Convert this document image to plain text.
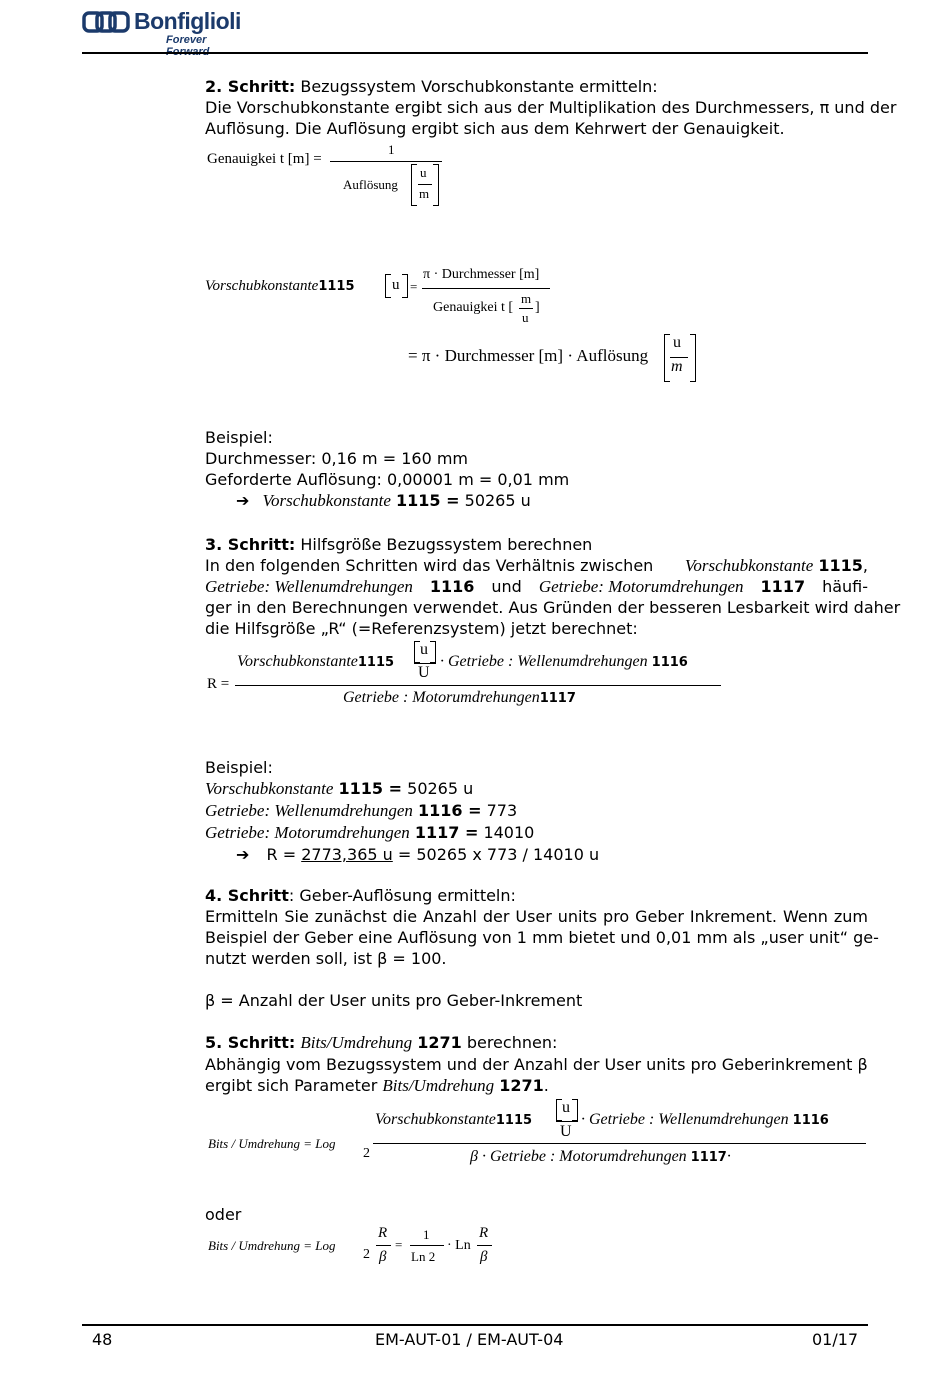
Bonfiglioli
Forever
2. Schritt: Bezugssystem Vorschubkonstante ermitteln:
Die Vorschubkonstante ergibt sich aus der Multiplikation des Durchmessers, π und der
Auflösung. Die Auflösung ergibt sich aus dem Kehrwert der Genauigkeit.
Genauigkei t [m] =
1
Auflösung
u
m
Vorschubkonstante1115 u =
π · Durchmesser [m]
Genauigkei t [
m
u
]
= π · Durchmesser [m] · Auflösung
u
m
Beispiel:
Durchmesser: 0,16 m = 160 mm
Geforderte Auflösung: 0,00001 m = 0,01 mm
➔ Vorschubkonstante 1115 = 50265 u
3. Schritt: Hilfsgröße Bezugssystem berechnen
In den folgenden Schritten wird das Verhältnis zwischen Vorschubkonstante 1115,
Getriebe: Wellenumdrehungen 1116 und Getriebe: Motorumdrehungen 1117 häufi-
ger in den Berechnungen verwendet. Aus Gründen der besseren Lesbarkeit wird daher
die Hilfsgröße „R“ (=Referenzsystem) jetzt berechnet:
R =
Vorschubkonstante1115
u
U
· Getriebe : Wellenumdrehungen 1116
Getriebe : Motorumdrehungen1117
Beispiel:
Vorschubkonstante 1115 = 50265 u
Getriebe: Wellenumdrehungen 1116 = 773
Getriebe: Motorumdrehungen 1117 = 14010
➔ R = 2773,365 u = 50265 x 773 / 14010 u
4. Schritt: Geber-Auflösung ermitteln:
Ermitteln Sie zunächst die Anzahl der User units pro Geber Inkrement. Wenn zum
Beispiel der Geber eine Auflösung von 1 mm bietet und 0,01 mm als „user unit“ ge-
nutzt werden soll, ist β = 100.
β = Anzahl der User units pro Geber-Inkrement
5. Schritt: Bits/Umdrehung 1271 berechnen:
Abhängig vom Bezugssystem und der Anzahl der User units pro Geberinkrement β
ergibt sich Parameter Bits/Umdrehung 1271.
Bits / Umdrehung = Log
2
Vorschubkonstante1115
u
U
· Getriebe : Wellenumdrehungen 1116
β · Getriebe : Motorumdrehungen 1117·
oder
Bits / Umdrehung = Log
2
R
β
=
1
Ln 2
· Ln
R
β
48	EM-AUT-01 / EM-AUT-04	01/17
